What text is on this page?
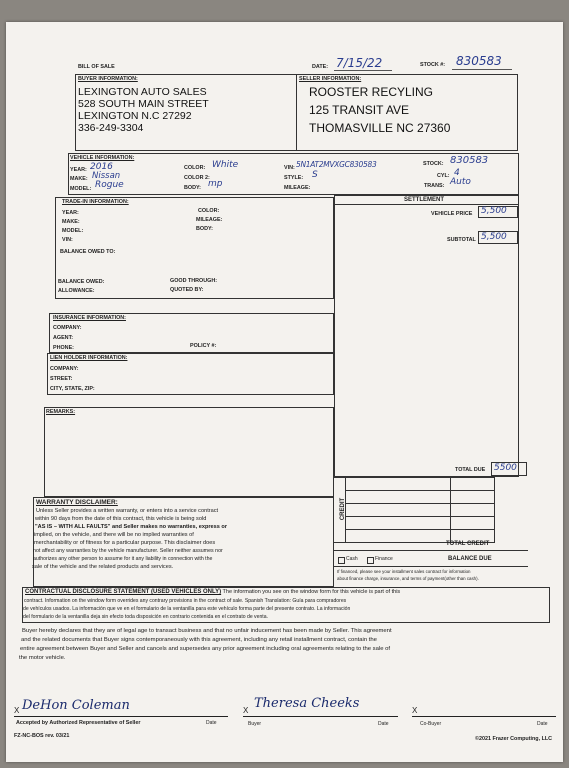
BILL OF SALE	DATE: 7/15/22	STOCK #: 830583
BUYER INFORMATION:
LEXINGTON AUTO SALES
528 SOUTH MAIN STREET
LEXINGTON N.C 27292
336-249-3304
SELLER INFORMATION:
ROOSTER RECYLING
125 TRANSIT AVE
THOMASVILLE NC 27360
VEHICLE INFORMATION:
YEAR: 2016
MAKE: Nissan
MODEL: Rogue
COLOR: White
COLOR 2:
BODY: mp
VIN: 5N1AT2MVXGC830583
STYLE: S
MILEAGE:
STOCK: 830583
CYL: 4
TRANS: Auto
TRADE-IN INFORMATION:
YEAR:
MAKE:
MODEL:
VIN:
COLOR:
MILEAGE:
BODY:
BALANCE OWED TO:
BALANCE OWED:
ALLOWANCE:
GOOD THROUGH:
QUOTED BY:
INSURANCE INFORMATION:
COMPANY:
AGENT:
PHONE:	POLICY #:
LIEN HOLDER INFORMATION:
COMPANY:
STREET:
CITY, STATE, ZIP:
REMARKS:
SETTLEMENT
VEHICLE PRICE 5,500
SUBTOTAL 5,500
TOTAL DUE 5500
CREDIT
TOTAL CREDIT
Cash	Finance	BALANCE DUE
If financed, please see your installment sales contract for information
about finance charge, insurance, and terms of payment(other than cash).
WARRANTY DISCLAIMER:
Unless Seller provides a written warranty, or enters into a service contract
within 90 days from the date of this contract, this vehicle is being sold
"AS IS – WITH ALL FAULTS" and Seller makes no warranties, express or
implied, on the vehicle, and there will be no implied warranties of
merchantability or of fitness for a particular purpose. This disclaimer does
not affect any warranties by the vehicle manufacturer. Seller neither assumes nor
authorizes any other person to assume for it any liability in connection with the
sale of the vehicle and the related products and services.
CONTRACTUAL DISCLOSURE STATEMENT (USED VEHICLES ONLY) The information you see on the window form for this vehicle is part of this
contract. Information on the window form overrides any contrary provisions in the contract of sale. Spanish Translation: Guía para compradores
de vehículos usados. La información que ve en el formulario de la ventanilla para este vehículo forma parte del presente contrato. La información
del formulario de la ventanilla deja sin efecto toda disposición en contrario contenida en el contrato de venta.
Buyer hereby declares that they are of legal age to transact business and that no unfair inducement has been made by Seller. This agreement
and the related documents that Buyer signs contemporaneously with this agreement, including any retail installment contract, contain the
entire agreement between Buyer and Seller and cancels and supersedes any prior agreement including oral agreements relating to the sale of
the motor vehicle.
X DeHon Coleman
Accepted by Authorized Representative of Seller	Date
X Theresa Cheeks
Buyer	Date
X
Co-Buyer	Date
FZ-NC-BOS rev. 03/21	©2021 Frazer Computing, LLC
